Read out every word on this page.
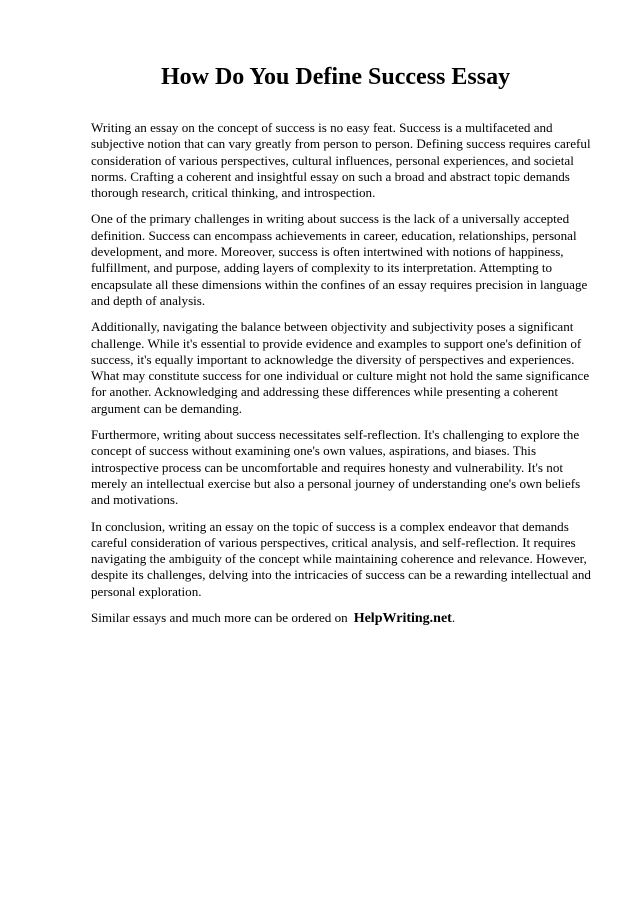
How Do You Define Success Essay

Writing an essay on the concept of success is no easy feat. Success is a multifaceted and subjective notion that can vary greatly from person to person. Defining success requires careful consideration of various perspectives, cultural influences, personal experiences, and societal norms. Crafting a coherent and insightful essay on such a broad and abstract topic demands thorough research, critical thinking, and introspection.

One of the primary challenges in writing about success is the lack of a universally accepted definition. Success can encompass achievements in career, education, relationships, personal development, and more. Moreover, success is often intertwined with notions of happiness, fulfillment, and purpose, adding layers of complexity to its interpretation. Attempting to encapsulate all these dimensions within the confines of an essay requires precision in language and depth of analysis.

Additionally, navigating the balance between objectivity and subjectivity poses a significant challenge. While it's essential to provide evidence and examples to support one's definition of success, it's equally important to acknowledge the diversity of perspectives and experiences. What may constitute success for one individual or culture might not hold the same significance for another. Acknowledging and addressing these differences while presenting a coherent argument can be demanding.

Furthermore, writing about success necessitates self-reflection. It's challenging to explore the concept of success without examining one's own values, aspirations, and biases. This introspective process can be uncomfortable and requires honesty and vulnerability. It's not merely an intellectual exercise but also a personal journey of understanding one's own beliefs and motivations.

In conclusion, writing an essay on the topic of success is a complex endeavor that demands careful consideration of various perspectives, critical analysis, and self-reflection. It requires navigating the ambiguity of the concept while maintaining coherence and relevance. However, despite its challenges, delving into the intricacies of success can be a rewarding intellectual and personal exploration.

Similar essays and much more can be ordered on HelpWriting.net.
